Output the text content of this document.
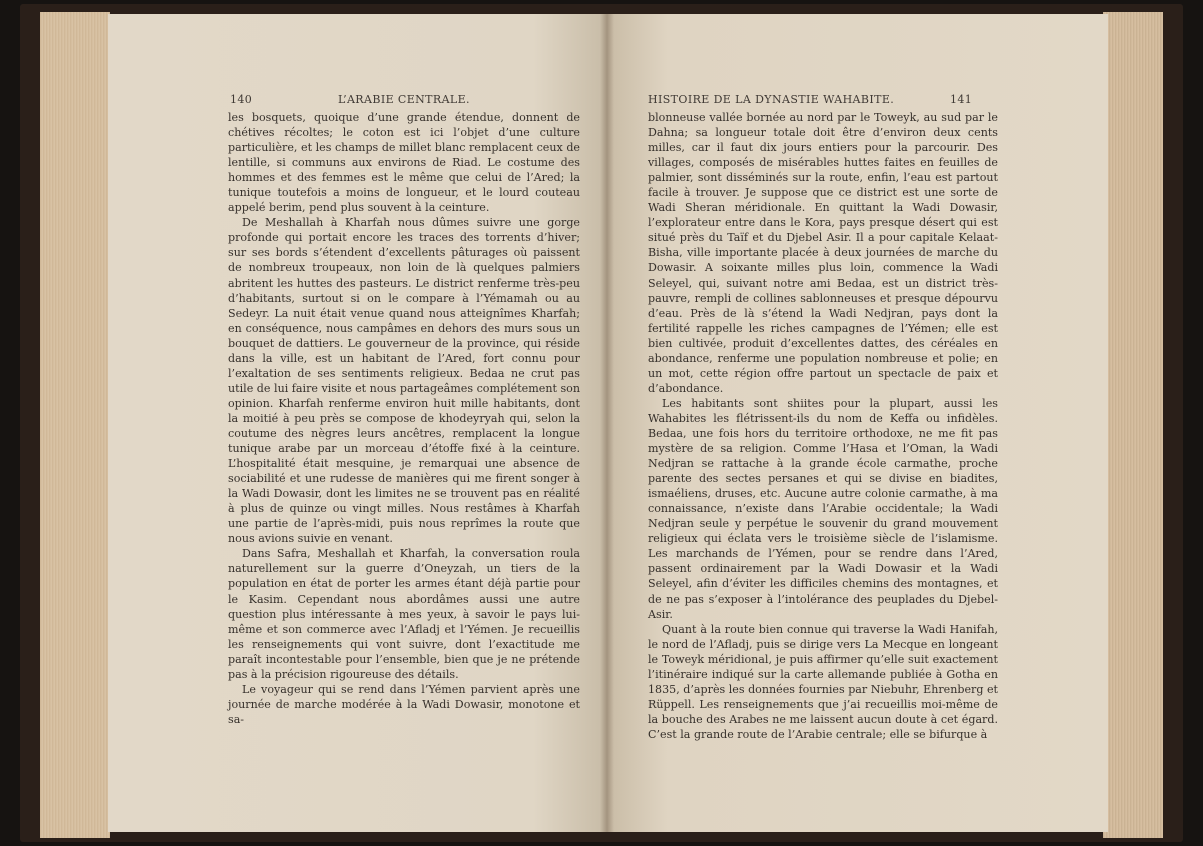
140	L’ARABIE CENTRALE.

les bosquets, quoique d’une grande étendue, donnent de chétives récoltes; le coton est ici l’objet d’une culture particulière, et les champs de millet blanc remplacent ceux de lentille, si communs aux environs de Riad. Le costume des hommes et des femmes est le même que celui de l’Ared; la tunique toutefois a moins de longueur, et le lourd couteau appelé berim, pend plus souvent à la ceinture.

De Meshallah à Kharfah nous dûmes suivre une gorge profonde qui portait encore les traces des torrents d’hiver; sur ses bords s’étendent d’excellents pâturages où paissent de nombreux troupeaux, non loin de là quelques palmiers abritent les huttes des pasteurs. Le district renferme très-peu d’habitants, surtout si on le compare à l’Yémamah ou au Sedeyr. La nuit était venue quand nous atteignîmes Kharfah; en conséquence, nous campâmes en dehors des murs sous un bouquet de dattiers. Le gouverneur de la province, qui réside dans la ville, est un habitant de l’Ared, fort connu pour l’exaltation de ses sentiments religieux. Bedaa ne crut pas utile de lui faire visite et nous partageâmes complétement son opinion. Kharfah renferme environ huit mille habitants, dont la moitié à peu près se compose de khodeyryah qui, selon la coutume des nègres leurs ancêtres, remplacent la longue tunique arabe par un morceau d’étoffe fixé à la ceinture. L’hospitalité était mesquine, je remarquai une absence de sociabilité et une rudesse de manières qui me firent songer à la Wadi Dowasir, dont les limites ne se trouvent pas en réalité à plus de quinze ou vingt milles. Nous restâmes à Kharfah une partie de l’après-midi, puis nous reprîmes la route que nous avions suivie en venant.

Dans Safra, Meshallah et Kharfah, la conversation roula naturellement sur la guerre d’Oneyzah, un tiers de la population en état de porter les armes étant déjà partie pour le Kasim. Cependant nous abordâmes aussi une autre question plus intéressante à mes yeux, à savoir le pays lui-même et son commerce avec l’Afladj et l’Yémen. Je recueillis les renseignements qui vont suivre, dont l’exactitude me paraît incontestable pour l’ensemble, bien que je ne prétende pas à la précision rigoureuse des détails.

Le voyageur qui se rend dans l’Yémen parvient après une journée de marche modérée à la Wadi Dowasir, monotone et sa-

HISTOIRE DE LA DYNASTIE WAHABITE.	141

blonneuse vallée bornée au nord par le Toweyk, au sud par le Dahna; sa longueur totale doit être d’environ deux cents milles, car il faut dix jours entiers pour la parcourir. Des villages, composés de misérables huttes faites en feuilles de palmier, sont disséminés sur la route, enfin, l’eau est partout facile à trouver. Je suppose que ce district est une sorte de Wadi Sheran méridionale. En quittant la Wadi Dowasir, l’explorateur entre dans le Kora, pays presque désert qui est situé près du Taïf et du Djebel Asir. Il a pour capitale Kelaat-Bisha, ville importante placée à deux journées de marche du Dowasir. A soixante milles plus loin, commence la Wadi Seleyel, qui, suivant notre ami Bedaa, est un district très-pauvre, rempli de collines sablonneuses et presque dépourvu d’eau. Près de là s’étend la Wadi Nedjran, pays dont la fertilité rappelle les riches campagnes de l’Yémen; elle est bien cultivée, produit d’excellentes dattes, des céréales en abondance, renferme une population nombreuse et polie; en un mot, cette région offre partout un spectacle de paix et d’abondance.

Les habitants sont shiites pour la plupart, aussi les Wahabites les flétrissent-ils du nom de Keffa ou infidèles. Bedaa, une fois hors du territoire orthodoxe, ne me fit pas mystère de sa religion. Comme l’Hasa et l’Oman, la Wadi Nedjran se rattache à la grande école carmathe, proche parente des sectes persanes et qui se divise en biadites, ismaéliens, druses, etc. Aucune autre colonie carmathe, à ma connaissance, n’existe dans l’Arabie occidentale; la Wadi Nedjran seule y perpétue le souvenir du grand mouvement religieux qui éclata vers le troisième siècle de l’islamisme. Les marchands de l’Yémen, pour se rendre dans l’Ared, passent ordinairement par la Wadi Dowasir et la Wadi Seleyel, afin d’éviter les difficiles chemins des montagnes, et de ne pas s’exposer à l’intolérance des peuplades du Djebel-Asir.

Quant à la route bien connue qui traverse la Wadi Hanifah, le nord de l’Afladj, puis se dirige vers La Mecque en longeant le Toweyk méridional, je puis affirmer qu’elle suit exactement l’itinéraire indiqué sur la carte allemande publiée à Gotha en 1835, d’après les données fournies par Niebuhr, Ehrenberg et Rüppell. Les renseignements que j’ai recueillis moi-même de la bouche des Arabes ne me laissent aucun doute à cet égard. C’est la grande route de l’Arabie centrale; elle se bifurque à
